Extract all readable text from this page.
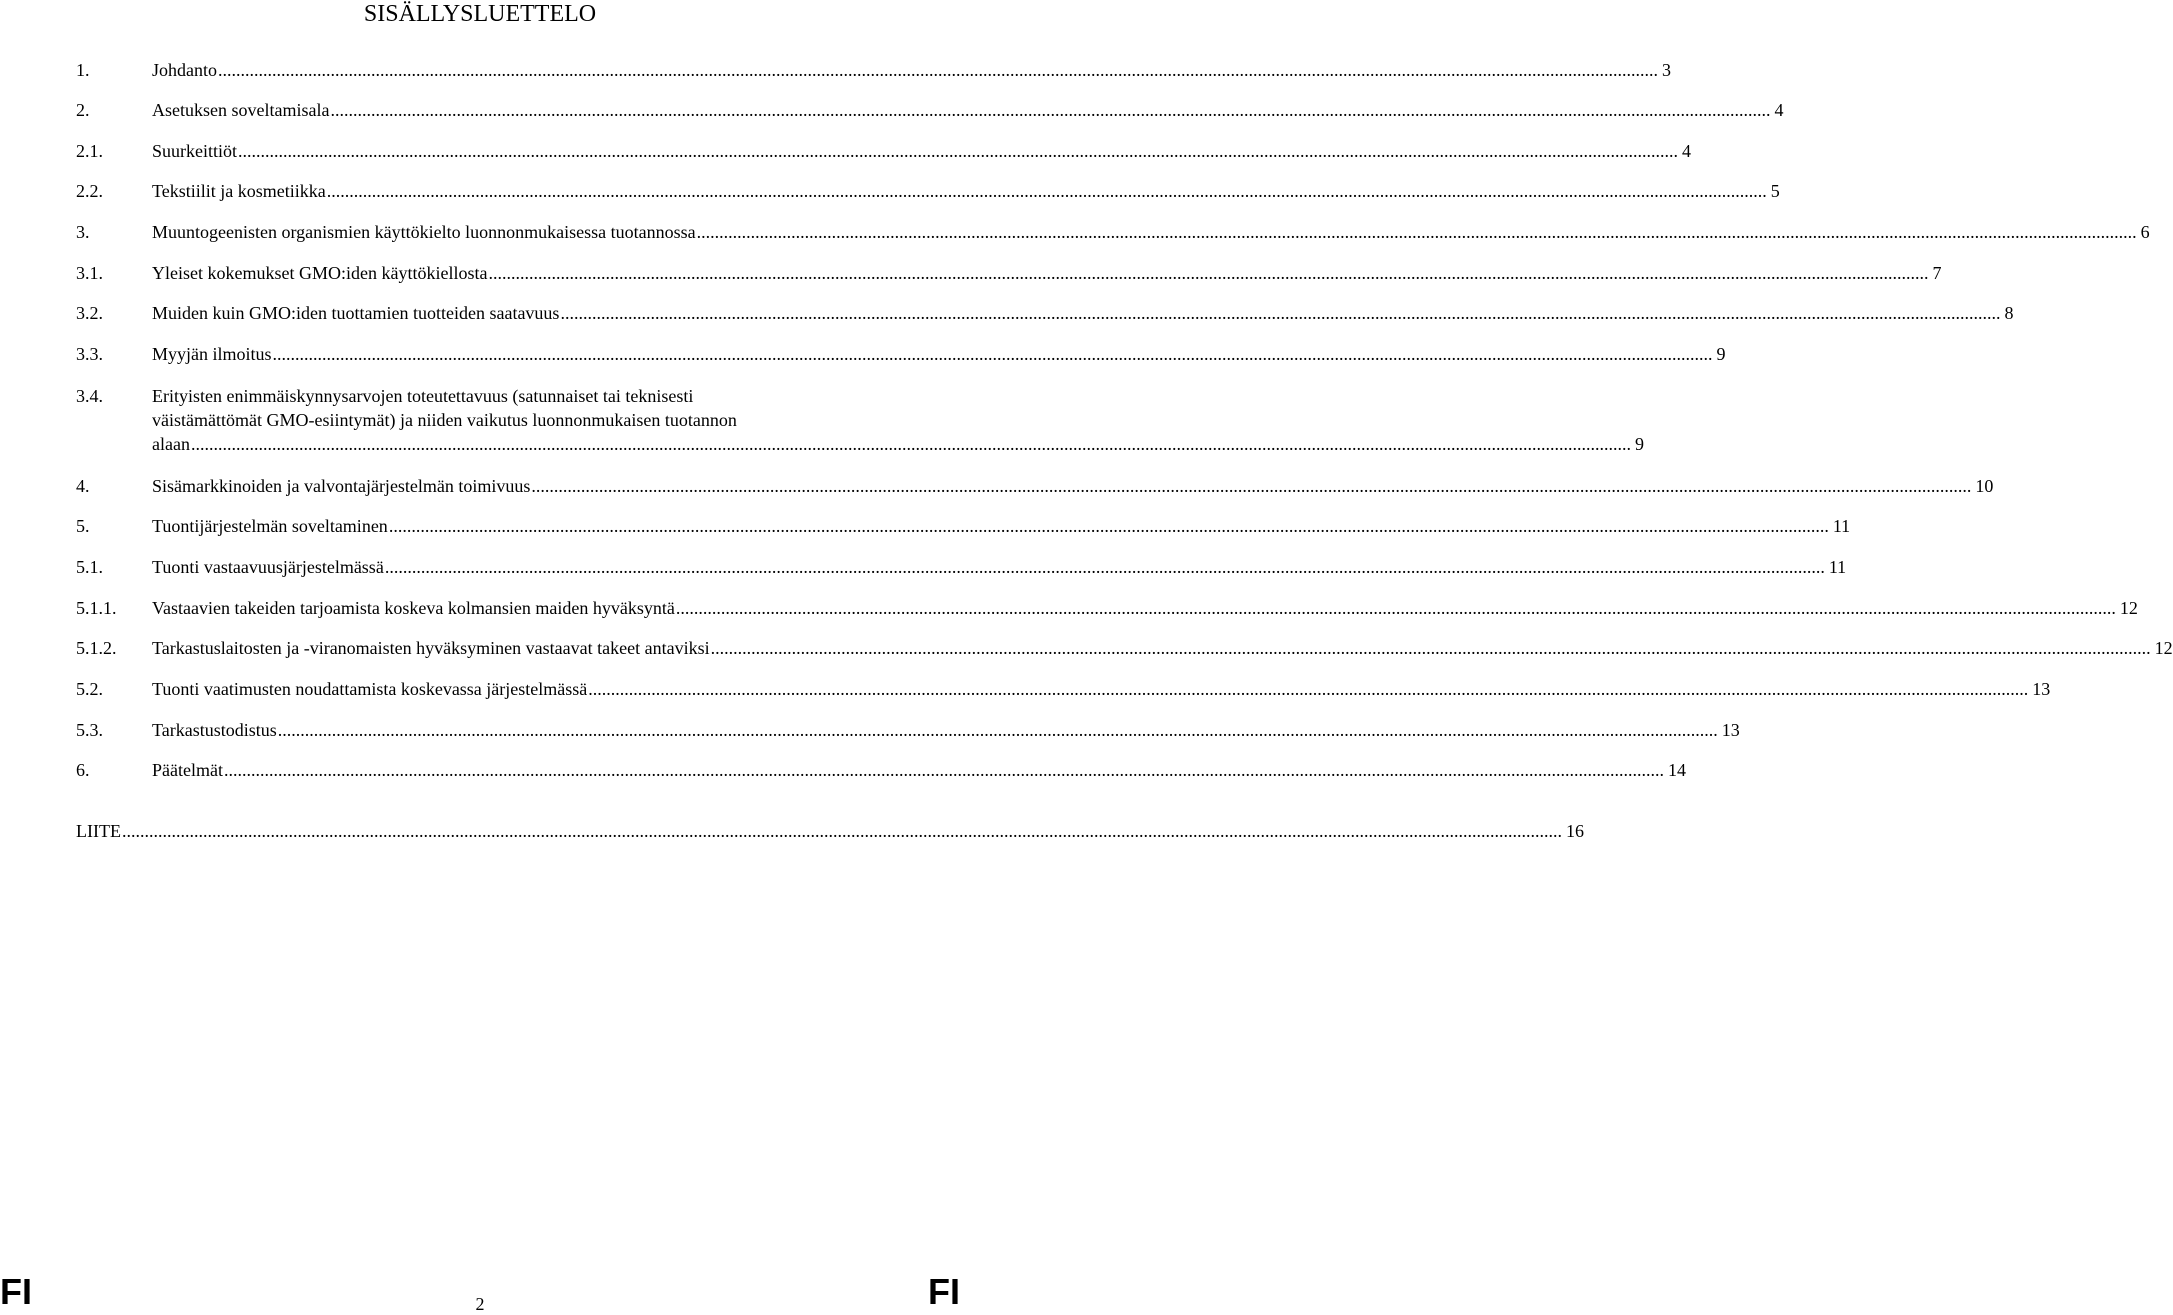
SISÄLLYSLUETTELO
1.	Johdanto .....	3
2.	Asetuksen soveltamisala .....	4
2.1.	Suurkeittiöt .....	4
2.2.	Tekstiilit ja kosmetiikka .....	5
3.	Muuntogeenisten organismien käyttökielto luonnonmukaisessa tuotannossa .....	6
3.1.	Yleiset kokemukset GMO:iden käyttökiellosta .....	7
3.2.	Muiden kuin GMO:iden tuottamien tuotteiden saatavuus .....	8
3.3.	Myyjän ilmoitus .....	9
3.4.	Erityisten enimmäiskynnysarvojen toteutettavuus (satunnaiset tai teknisesti
väistämättömät GMO-esiintymät) ja niiden vaikutus luonnonmukaisen tuotannon
alaan .....	9
4.	Sisämarkkinoiden ja valvontajärjestelmän toimivuus .....	10
5.	Tuontijärjestelmän soveltaminen .....	11
5.1.	Tuonti vastaavuusjärjestelmässä .....	11
5.1.1. Vastaavien takeiden tarjoamista koskeva kolmansien maiden hyväksyntä .....	12
5.1.2. Tarkastuslaitosten ja -viranomaisten hyväksyminen vastaavat takeet antaviksi .....	12
5.2.	Tuonti vaatimusten noudattamista koskevassa järjestelmässä .....	13
5.3.	Tarkastustodistus .....	13
6.	Päätelmät .....	14
LIITE .....	16
FI	2	FI
